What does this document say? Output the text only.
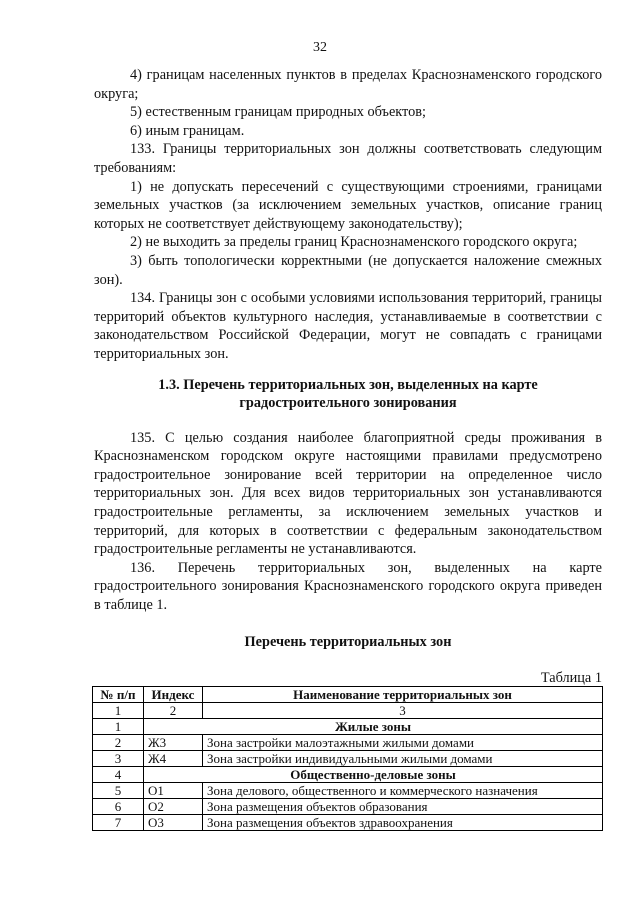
32

4) границам населенных пунктов в пределах Краснознаменского городского округа;

5) естественным границам природных объектов;

6) иным границам.

133. Границы территориальных зон должны соответствовать следующим требованиям:

1) не допускать пересечений с существующими строениями, границами земельных участков (за исключением земельных участков, описание границ которых не соответствует действующему законодательству);

2) не выходить за пределы границ Краснознаменского городского округа;

3) быть топологически корректными (не допускается наложение смежных зон).

134. Границы зон с особыми условиями использования территорий, границы территорий объектов культурного наследия, устанавливаемые в соответствии с законодательством Российской Федерации, могут не совпадать с границами территориальных зон.

1.3. Перечень территориальных зон, выделенных на карте
градостроительного зонирования

135. С целью создания наиболее благоприятной среды проживания в Краснознаменском городском округе настоящими правилами предусмотрено градостроительное зонирование всей территории на определенное число территориальных зон. Для всех видов территориальных зон устанавливаются градостроительные регламенты, за исключением земельных участков и территорий, для которых в соответствии с федеральным законодательством градостроительные регламенты не устанавливаются.

136. Перечень территориальных зон, выделенных на карте градостроительного зонирования Краснознаменского городского округа приведен в таблице 1.

Перечень территориальных зон
Таблица 1
№ п/п	Индекс	Наименование территориальных зон
1	2	3
1	Жилые зоны	
2	Ж3	Зона застройки малоэтажными жилыми домами
3	Ж4	Зона застройки индивидуальными жилыми домами
4	Общественно-деловые зоны	
5	О1	Зона делового, общественного и коммерческого назначения
6	О2	Зона размещения объектов образования
7	О3	Зона размещения объектов здравоохранения
